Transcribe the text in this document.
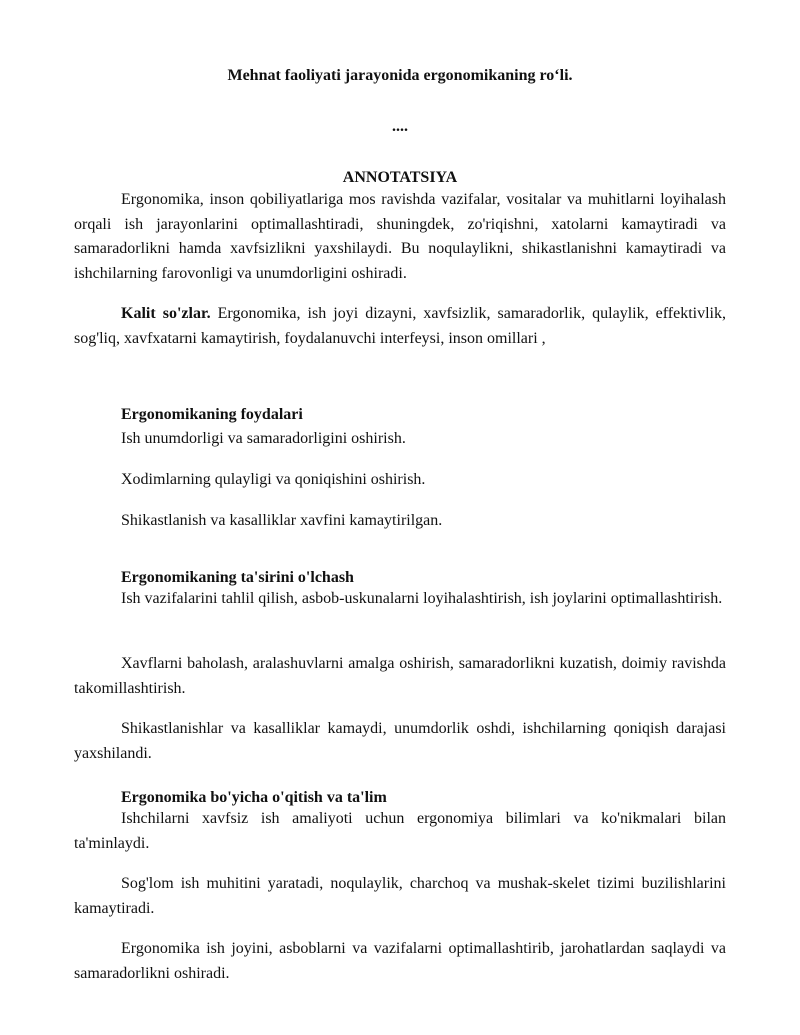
Mehnat faoliyati jarayonida ergonomikaning ro‘li.
....
ANNOTATSIYA

Ergonomika, inson qobiliyatlariga mos ravishda vazifalar, vositalar va muhitlarni loyihalash orqali ish jarayonlarini optimallashtiradi, shuningdek, zo'riqishni, xatolarni kamaytiradi va samaradorlikni hamda xavfsizlikni yaxshilaydi. Bu noqulaylikni, shikastlanishni kamaytiradi va ishchilarning farovonligi va unumdorligini oshiradi.

Kalit so'zlar. Ergonomika, ish joyi dizayni, xavfsizlik, samaradorlik, qulaylik, effektivlik, sog'liq, xavfxatarni kamaytirish, foydalanuvchi interfeysi, inson omillari ,

Ergonomikaning foydalari
Ish unumdorligi va samaradorligini oshirish.
Xodimlarning qulayligi va qoniqishini oshirish.
Shikastlanish va kasalliklar xavfini kamaytirilgan.
Ergonomikaning ta'sirini o'lchash

Ish vazifalarini tahlil qilish, asbob-uskunalarni loyihalashtirish, ish joylarini optimallashtirish.

Xavflarni baholash, aralashuvlarni amalga oshirish, samaradorlikni kuzatish, doimiy ravishda takomillashtirish.

Shikastlanishlar va kasalliklar kamaydi, unumdorlik oshdi, ishchilarning qoniqish darajasi yaxshilandi.

Ergonomika bo'yicha o'qitish va ta'lim

Ishchilarni xavfsiz ish amaliyoti uchun ergonomiya bilimlari va ko'nikmalari bilan ta'minlaydi.

Sog'lom ish muhitini yaratadi, noqulaylik, charchoq va mushak-skelet tizimi buzilishlarini kamaytiradi.

Ergonomika ish joyini, asboblarni va vazifalarni optimallashtirib, jarohatlardan saqlaydi va samaradorlikni oshiradi.
